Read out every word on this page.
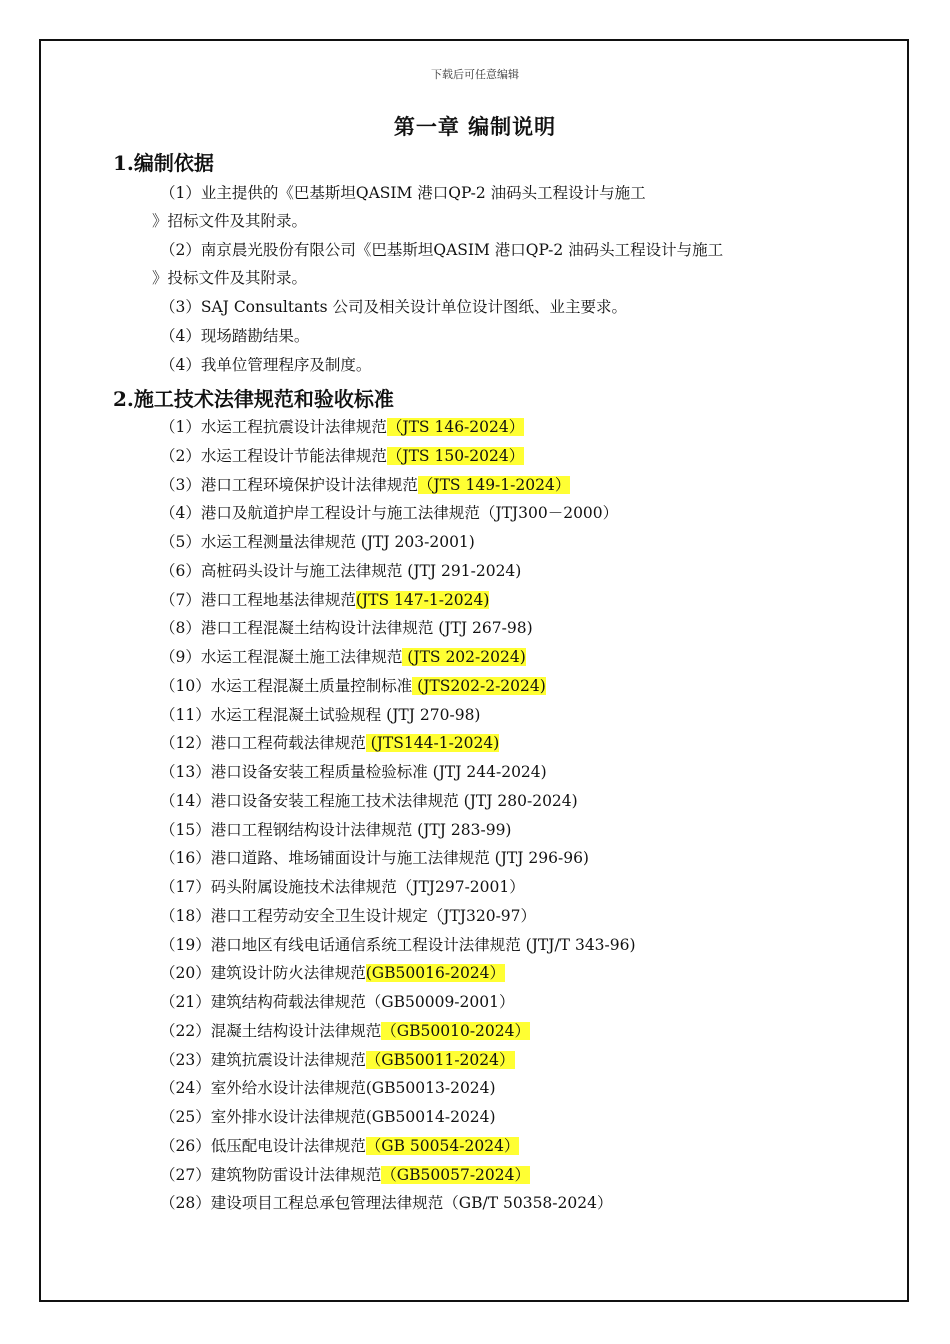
下载后可任意编辑
第一章 编制说明
1.编制依据
（1）业主提供的《巴基斯坦QASIM 港口QP-2 油码头工程设计与施工
》招标文件及其附录。
（2）南京晨光股份有限公司《巴基斯坦QASIM 港口QP-2 油码头工程设计与施工
》投标文件及其附录。
（3）SAJ Consultants 公司及相关设计单位设计图纸、业主要求。
（4）现场踏勘结果。
（4）我单位管理程序及制度。
2.施工技术法律规范和验收标准
（1）水运工程抗震设计法律规范（JTS 146-2024）
（2）水运工程设计节能法律规范（JTS 150-2024）
（3）港口工程环境保护设计法律规范（JTS 149-1-2024）
（4）港口及航道护岸工程设计与施工法律规范（JTJ300－2000）
（5）水运工程测量法律规范 (JTJ 203-2001)
（6）高桩码头设计与施工法律规范 (JTJ 291-2024)
（7）港口工程地基法律规范(JTS 147-1-2024)
（8）港口工程混凝土结构设计法律规范 (JTJ 267-98)
（9）水运工程混凝土施工法律规范 (JTS 202-2024)
（10）水运工程混凝土质量控制标准 (JTS202-2-2024)
（11）水运工程混凝土试验规程 (JTJ 270-98)
（12）港口工程荷载法律规范 (JTS144-1-2024)
（13）港口设备安装工程质量检验标准 (JTJ 244-2024)
（14）港口设备安装工程施工技术法律规范 (JTJ 280-2024)
（15）港口工程钢结构设计法律规范 (JTJ 283-99)
（16）港口道路、堆场铺面设计与施工法律规范 (JTJ 296-96)
（17）码头附属设施技术法律规范（JTJ297-2001）
（18）港口工程劳动安全卫生设计规定（JTJ320-97）
（19）港口地区有线电话通信系统工程设计法律规范 (JTJ/T 343-96)
（20）建筑设计防火法律规范(GB50016-2024）
（21）建筑结构荷载法律规范（GB50009-2001）
（22）混凝土结构设计法律规范（GB50010-2024）
（23）建筑抗震设计法律规范（GB50011-2024）
（24）室外给水设计法律规范(GB50013-2024)
（25）室外排水设计法律规范(GB50014-2024)
（26）低压配电设计法律规范（GB 50054-2024）
（27）建筑物防雷设计法律规范（GB50057-2024）
（28）建设项目工程总承包管理法律规范（GB/T 50358-2024）
